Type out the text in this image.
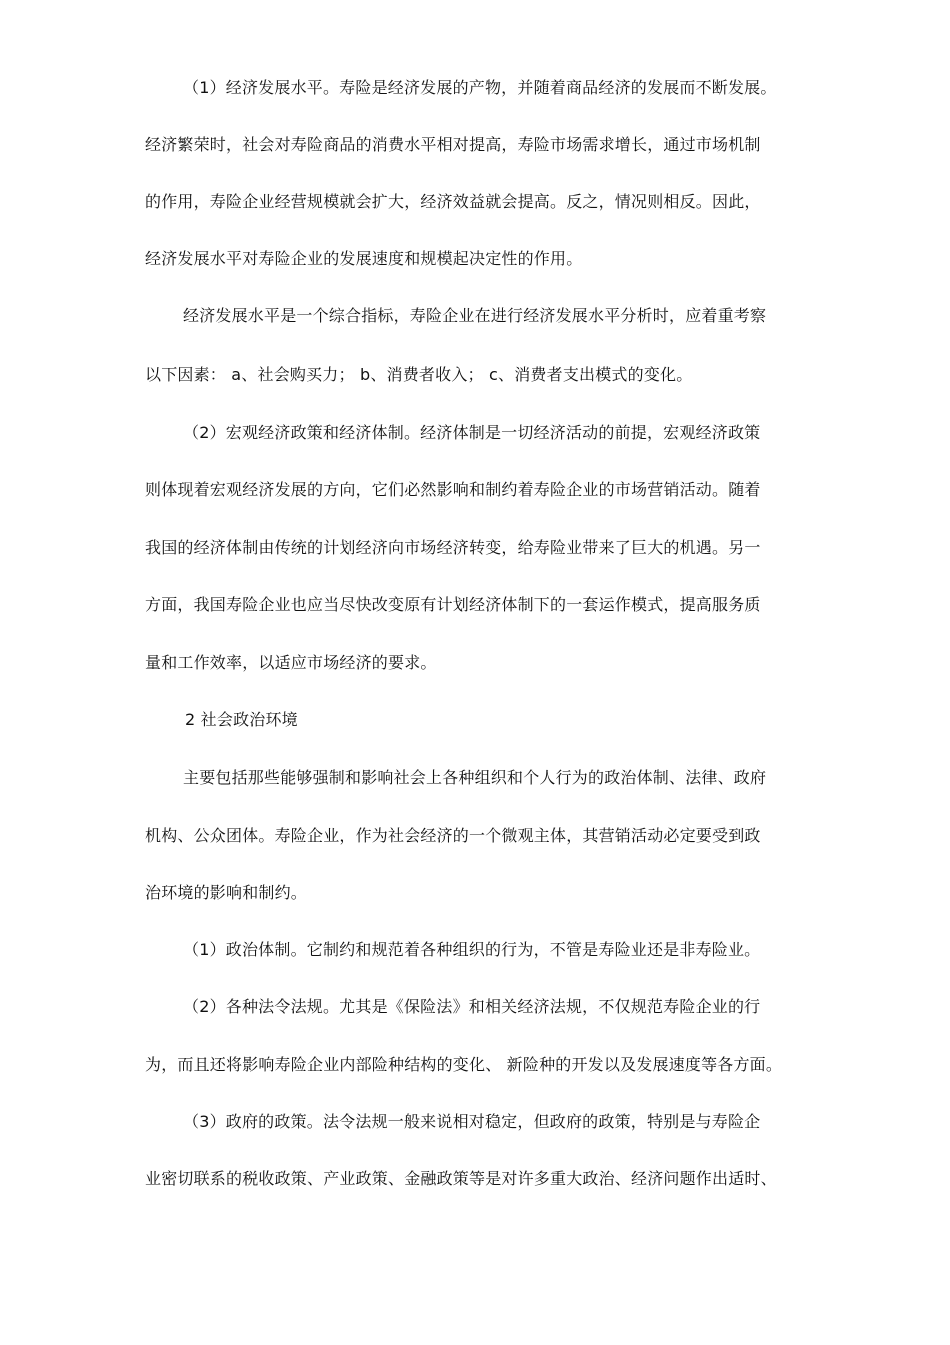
（1）经济发展水平。寿险是经济发展的产物，并随着商品经济的发展而不断发展。
经济繁荣时，社会对寿险商品的消费水平相对提高，寿险市场需求增长，通过市场机制
的作用，寿险企业经营规模就会扩大，经济效益就会提高。反之，情况则相反。因此，
经济发展水平对寿险企业的发展速度和规模起决定性的作用。
经济发展水平是一个综合指标，寿险企业在进行经济发展水平分析时，应着重考察
以下因素： a、社会购买力； b、消费者收入； c、消费者支出模式的变化。
（2）宏观经济政策和经济体制。经济体制是一切经济活动的前提，宏观经济政策
则体现着宏观经济发展的方向，它们必然影响和制约着寿险企业的市场营销活动。随着
我国的经济体制由传统的计划经济向市场经济转变，给寿险业带来了巨大的机遇。另一
方面，我国寿险企业也应当尽快改变原有计划经济体制下的一套运作模式，提高服务质
量和工作效率，以适应市场经济的要求。
2 社会政治环境
主要包括那些能够强制和影响社会上各种组织和个人行为的政治体制、法律、政府
机构、公众团体。寿险企业，作为社会经济的一个微观主体，其营销活动必定要受到政
治环境的影响和制约。
（1）政治体制。它制约和规范着各种组织的行为，不管是寿险业还是非寿险业。
（2）各种法令法规。尤其是《保险法》和相关经济法规，不仅规范寿险企业的行
为，而且还将影响寿险企业内部险种结构的变化、 新险种的开发以及发展速度等各方面。
（3）政府的政策。法令法规一般来说相对稳定，但政府的政策，特别是与寿险企
业密切联系的税收政策、产业政策、金融政策等是对许多重大政治、经济问题作出适时、
